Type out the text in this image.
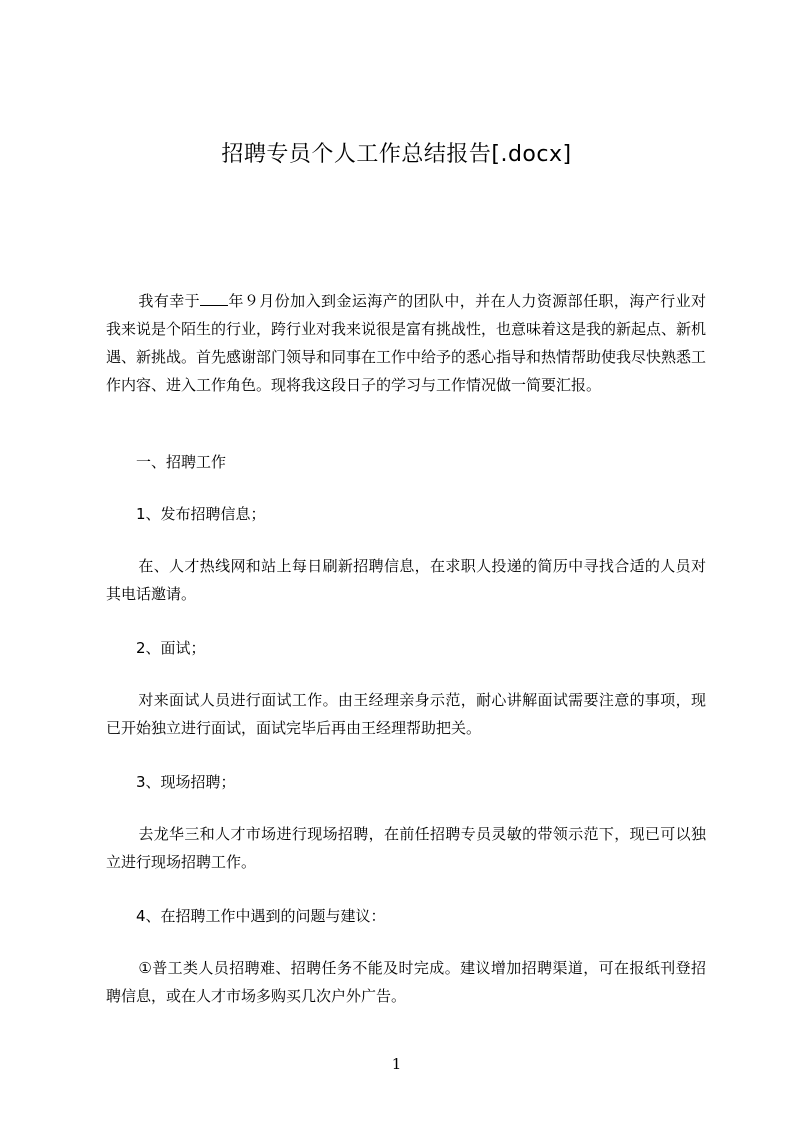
招聘专员个人工作总结报告[.docx]
我有幸于 年９月份加入到金运海产的团队中，并在人力资源部任职，海产行业对我来说是个陌生的行业，跨行业对我来说很是富有挑战性，也意味着这是我的新起点、新机遇、新挑战。首先感谢部门领导和同事在工作中给予的悉心指导和热情帮助使我尽快熟悉工作内容、进入工作角色。现将我这段日子的学习与工作情况做一简要汇报。
一、招聘工作
1、发布招聘信息；
在、人才热线网和站上每日刷新招聘信息，在求职人投递的简历中寻找合适的人员对其电话邀请。
2、面试；
对来面试人员进行面试工作。由王经理亲身示范，耐心讲解面试需要注意的事项，现已开始独立进行面试，面试完毕后再由王经理帮助把关。
3、现场招聘；
去龙华三和人才市场进行现场招聘，在前任招聘专员灵敏的带领示范下，现已可以独立进行现场招聘工作。
4、在招聘工作中遇到的问题与建议：
①普工类人员招聘难、招聘任务不能及时完成。建议增加招聘渠道，可在报纸刊登招聘信息，或在人才市场多购买几次户外广告。
1
